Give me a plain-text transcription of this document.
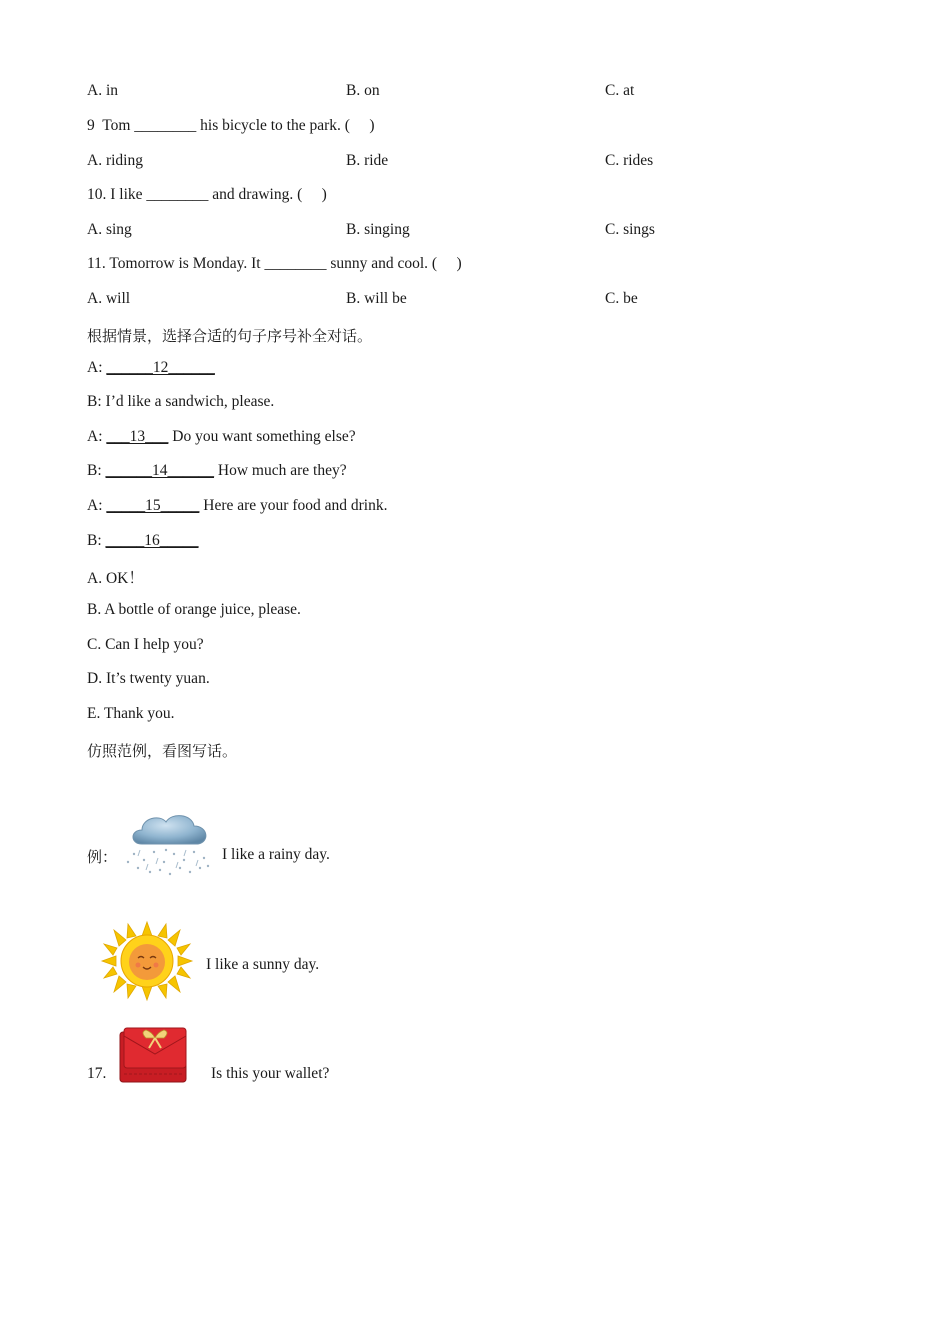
A. in	B. on	C. at
9  Tom ________ his bicycle to the park. (     )
A. riding	B. ride	C. rides
10. I like ________ and drawing. (     )
A. sing	B. singing	C. sings
11. Tomorrow is Monday. It ________ sunny and cool. (     )
A. will	B. will be	C. be
根据情景，选择合适的句子序号补全对话。
A: ______12______
B: I’d like a sandwich, please.
A: ___13___ Do you want something else?
B: ______14______ How much are they?
A: _____15_____ Here are your food and drink.
B: _____16_____
A. OK！
B. A bottle of orange juice, please.
C. Can I help you?
D. It’s twenty yuan.
E. Thank you.
仿照范例，看图写话。
例：	I like a rainy day.
I like a sunny day.
17.	Is this your wallet?
